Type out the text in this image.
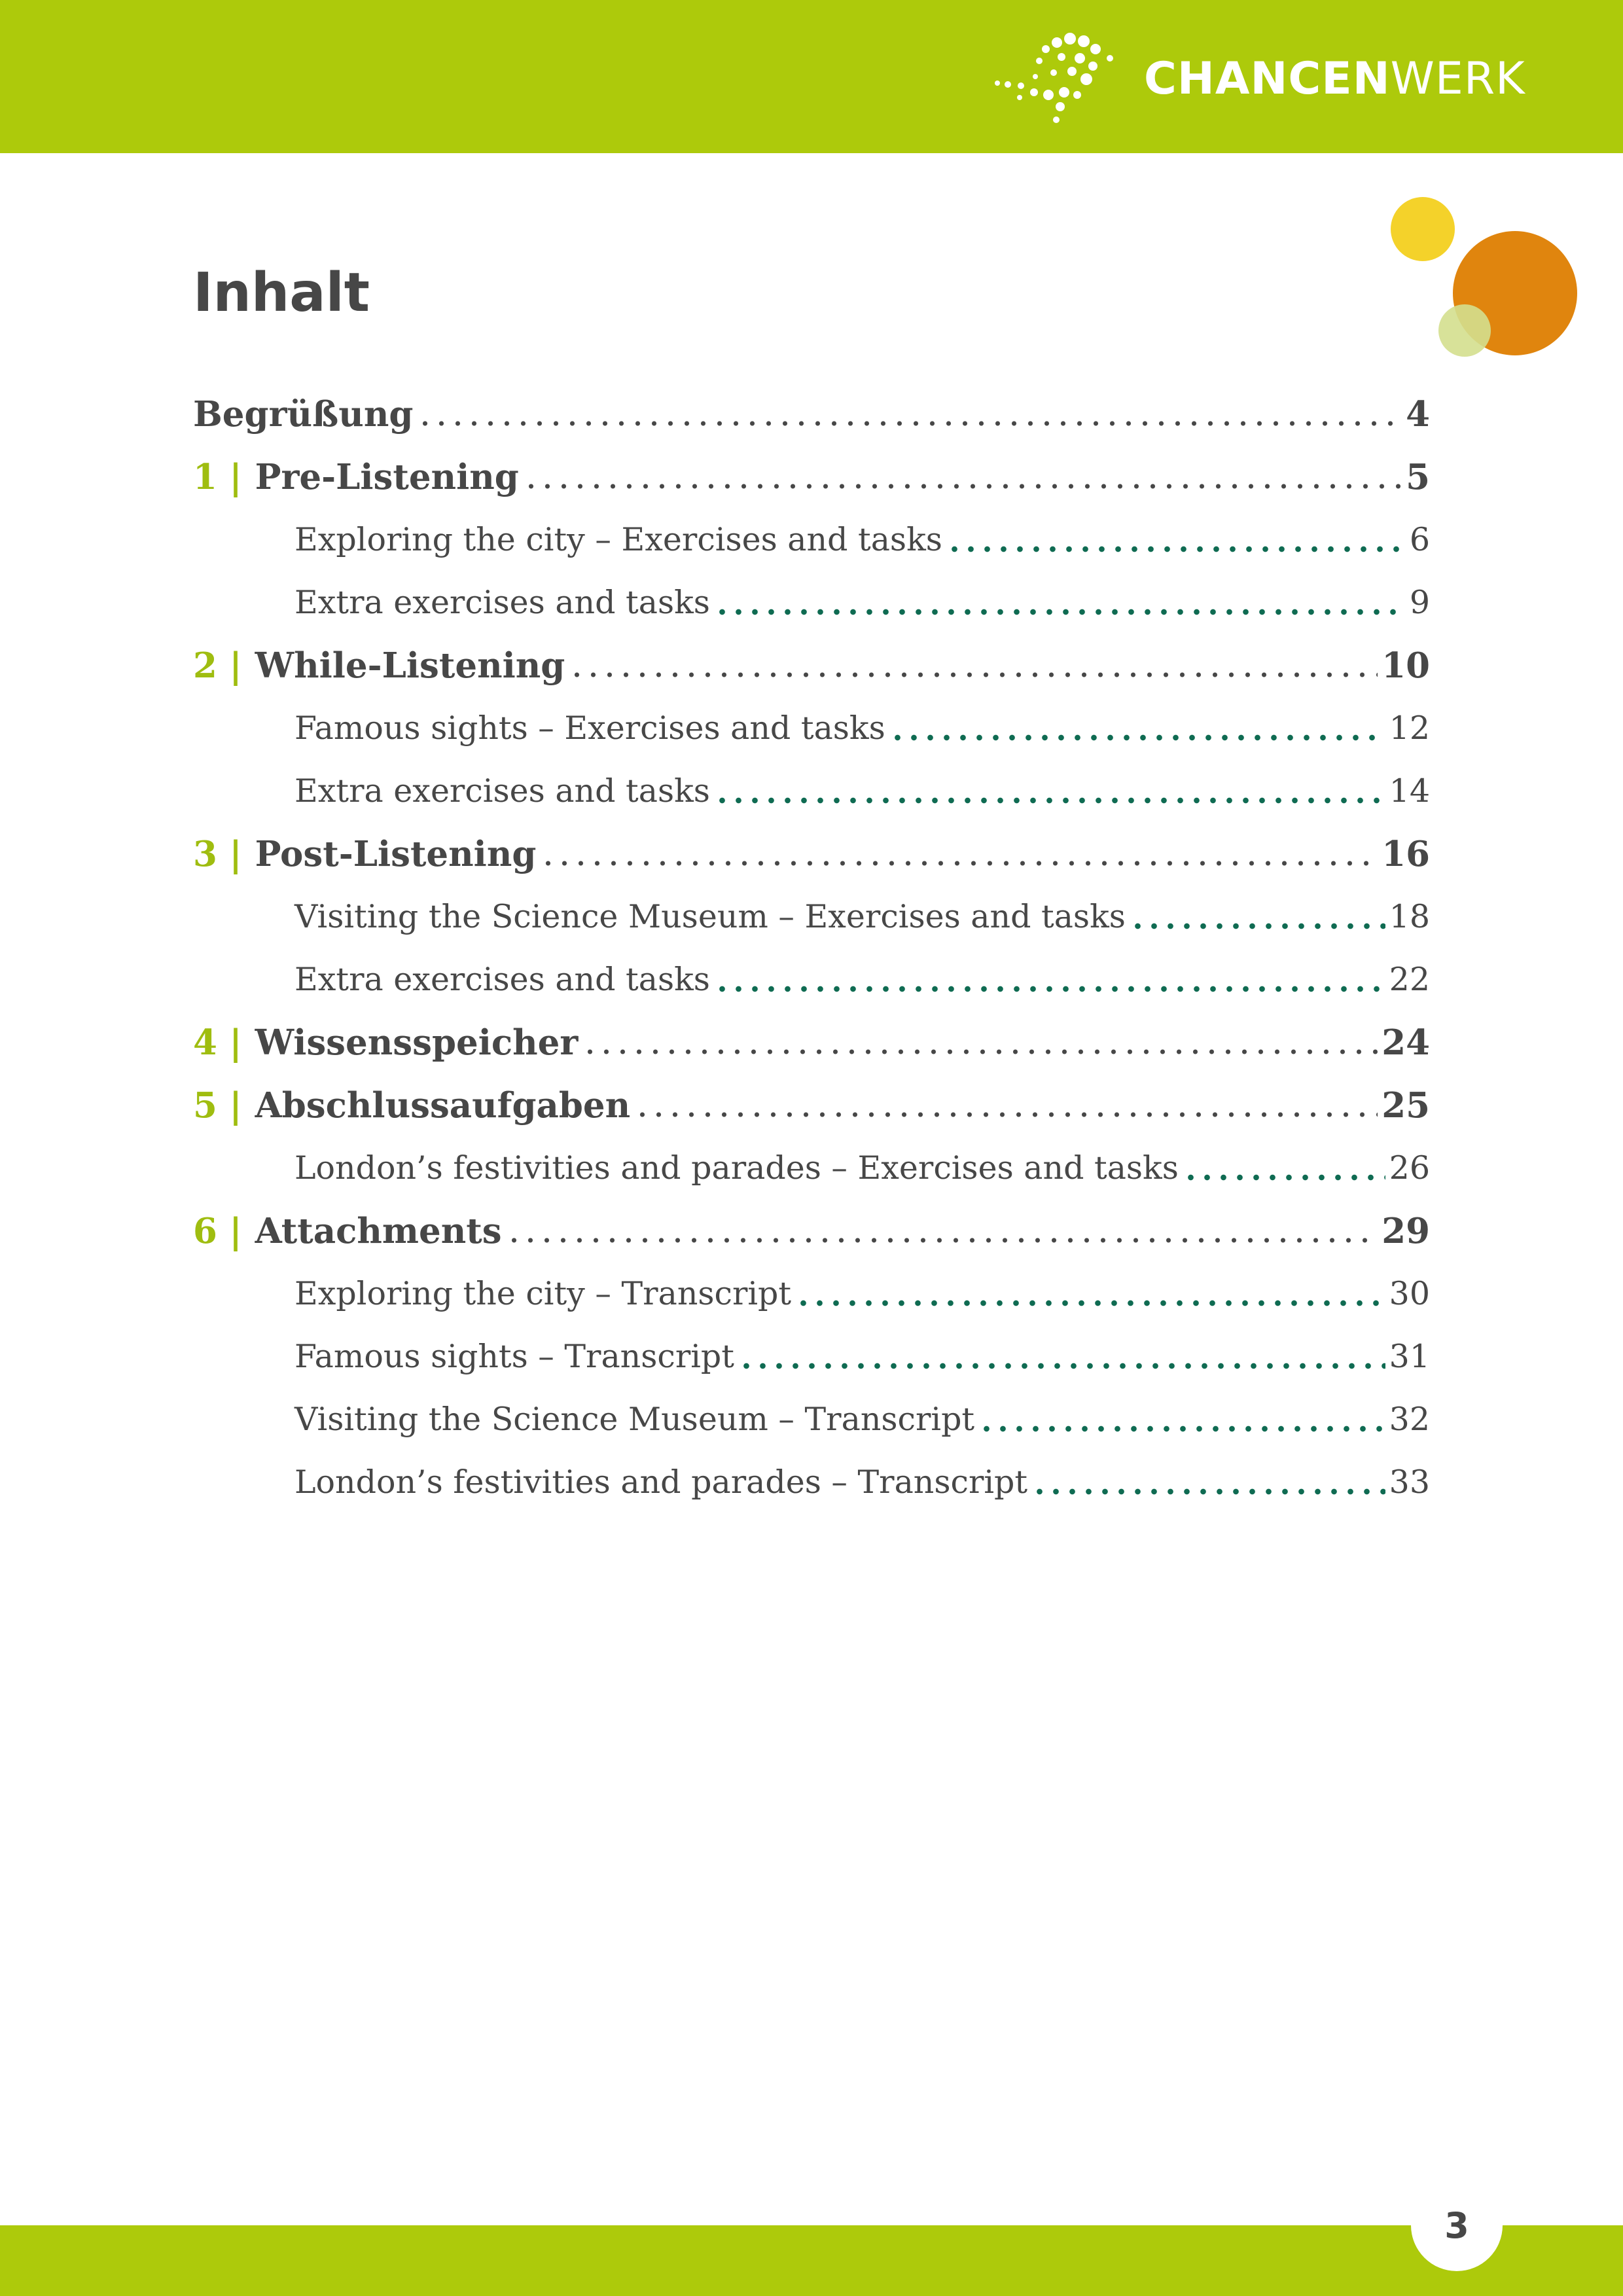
CHANCENWERK
Inhalt
Begrüßung	4
1 | Pre-Listening	5
Exploring the city – Exercises and tasks	6
Extra exercises and tasks	9
2 | While-Listening	10
Famous sights – Exercises and tasks	12
Extra exercises and tasks	14
3 | Post-Listening	16
Visiting the Science Museum – Exercises and tasks	18
Extra exercises and tasks	22
4 | Wissensspeicher	24
5 | Abschlussaufgaben	25
London’s festivities and parades – Exercises and tasks	26
6 | Attachments	29
Exploring the city – Transcript	30
Famous sights – Transcript	31
Visiting the Science Museum – Transcript	32
London’s festivities and parades – Transcript	33
3
